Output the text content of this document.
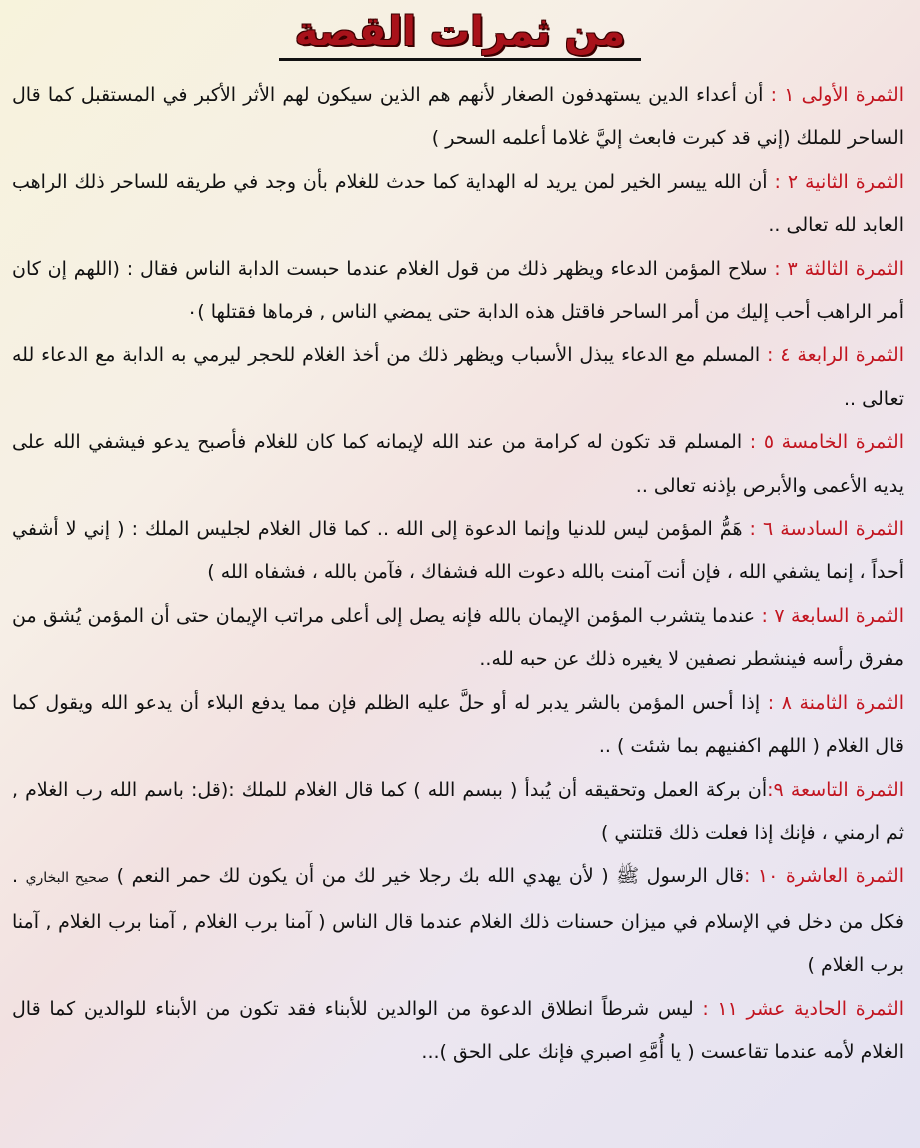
من ثمرات القصة

الثمرة الأولى ١ : أن أعداء الدين يستهدفون الصغار لأنهم هم الذين سيكون لهم الأثر الأكبر في المستقبل كما قال الساحر للملك (إني قد كبرت فابعث إليَّ غلاما أعلمه السحر )

الثمرة الثانية ٢ : أن الله ييسر الخير لمن يريد له الهداية كما حدث للغلام بأن وجد في طريقه للساحر ذلك الراهب العابد لله تعالى ..

الثمرة الثالثة ٣ : سلاح المؤمن الدعاء ويظهر ذلك من قول الغلام عندما حبست الدابة الناس فقال : (اللهم إن كان أمر الراهب أحب إليك من أمر الساحر فاقتل هذه الدابة حتى يمضي الناس , فرماها فقتلها )٠

الثمرة الرابعة ٤ : المسلم مع الدعاء يبذل الأسباب ويظهر ذلك من أخذ الغلام للحجر ليرمي به الدابة مع الدعاء لله تعالى ..

الثمرة الخامسة ٥ : المسلم قد تكون له كرامة من عند الله لإيمانه كما كان للغلام فأصبح يدعو فيشفي الله على يديه الأعمى والأبرص بإذنه تعالى ..

الثمرة السادسة ٦ : هَمُّ المؤمن ليس للدنيا وإنما الدعوة إلى الله .. كما قال الغلام لجليس الملك : ( إني لا أشفي أحداً ، إنما يشفي الله ، فإن أنت آمنت بالله دعوت الله فشفاك ، فآمن بالله ، فشفاه الله )

الثمرة السابعة ٧ : عندما يتشرب المؤمن الإيمان بالله فإنه يصل إلى أعلى مراتب الإيمان حتى أن المؤمن يُشق من مفرق رأسه فينشطر نصفين لا يغيره ذلك عن حبه لله..

الثمرة الثامنة ٨ : إذا أحس المؤمن بالشر يدبر له أو حلَّ عليه الظلم فإن مما يدفع البلاء أن يدعو الله ويقول كما قال الغلام ( اللهم اكفنيهم بما شئت ) ..

الثمرة التاسعة ٩:أن بركة العمل وتحقيقه أن يُبدأ ( ببسم الله ) كما قال الغلام للملك :(قل: باسم الله رب الغلام , ثم ارمني ، فإنك إذا فعلت ذلك قتلتني )

الثمرة العاشرة ١٠ :قال الرسول ﷺ ( لأن يهدي الله بك رجلا خير لك من أن يكون لك حمر النعم ) صحيح البخاري . فكل من دخل في الإسلام في ميزان حسنات ذلك الغلام عندما قال الناس ( آمنا برب الغلام , آمنا برب الغلام , آمنا برب الغلام )

الثمرة الحادية عشر ١١ : ليس شرطاً انطلاق الدعوة من الوالدين للأبناء فقد تكون من الأبناء للوالدين كما قال الغلام لأمه عندما تقاعست ( يا أُمَّهِ اصبري فإنك على الحق )...
